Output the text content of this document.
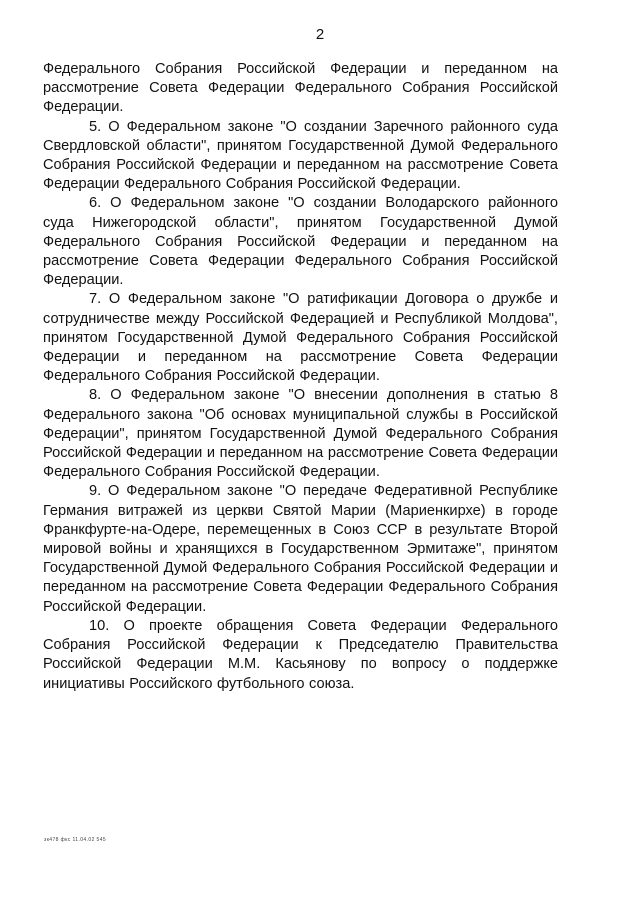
2

Федерального Собрания Российской Федерации и переданном на рассмотрение Совета Федерации Федерального Собрания Российской Федерации.

5. О Федеральном законе "О создании Заречного районного суда Свердловской области", принятом Государственной Думой Федерального Собрания Российской Федерации и переданном на рассмотрение Совета Федерации Федерального Собрания Российской Федерации.

6. О Федеральном законе "О создании Володарского районного суда Нижегородской области", принятом Государственной Думой Федерального Собрания Российской Федерации и переданном на рассмотрение Совета Федерации Федерального Собрания Российской Федерации.

7. О Федеральном законе "О ратификации Договора о дружбе и сотрудничестве между Российской Федерацией и Республикой Молдова", принятом Государственной Думой Федерального Собрания Российской Федерации и переданном на рассмотрение Совета Федерации Федерального Собрания Российской Федерации.

8. О Федеральном законе "О внесении дополнения в статью 8 Федерального закона "Об основах муниципальной службы в Российской Федерации", принятом Государственной Думой Федерального Собрания Российской Федерации и переданном на рассмотрение Совета Федерации Федерального Собрания Российской Федерации.

9. О Федеральном законе "О передаче Федеративной Республике Германия витражей из церкви Святой Марии (Мариенкирхе) в городе Франкфурте-на-Одере, перемещенных в Союз ССР в результате Второй мировой войны и хранящихся в Государственном Эрмитаже", принятом Государственной Думой Федерального Собрания Российской Федерации и переданном на рассмотрение Совета Федерации Федерального Собрания Российской Федерации.

10. О проекте обращения Совета Федерации Федерального Собрания Российской Федерации к Председателю Правительства Российской Федерации М.М. Касьянову по вопросу о поддержке инициативы Российского футбольного союза.

зк478 фкс 11.04.02 545
